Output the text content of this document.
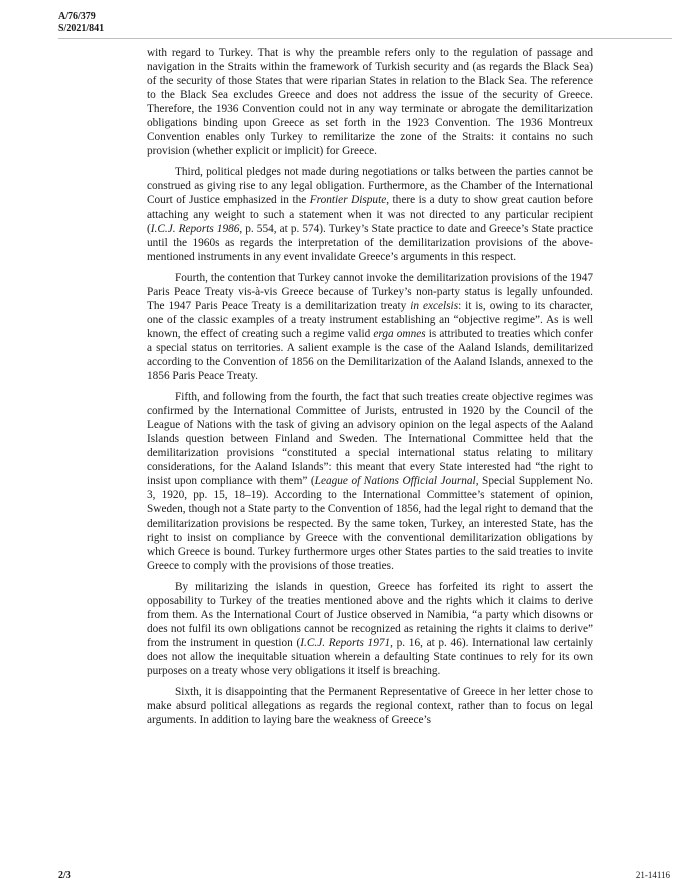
A/76/379
S/2021/841

with regard to Turkey. That is why the preamble refers only to the regulation of passage and navigation in the Straits within the framework of Turkish security and (as regards the Black Sea) of the security of those States that were riparian States in relation to the Black Sea. The reference to the Black Sea excludes Greece and does not address the issue of the security of Greece. Therefore, the 1936 Convention could not in any way terminate or abrogate the demilitarization obligations binding upon Greece as set forth in the 1923 Convention. The 1936 Montreux Convention enables only Turkey to remilitarize the zone of the Straits: it contains no such provision (whether explicit or implicit) for Greece.

Third, political pledges not made during negotiations or talks between the parties cannot be construed as giving rise to any legal obligation. Furthermore, as the Chamber of the International Court of Justice emphasized in the Frontier Dispute, there is a duty to show great caution before attaching any weight to such a statement when it was not directed to any particular recipient (I.C.J. Reports 1986, p. 554, at p. 574). Turkey’s State practice to date and Greece’s State practice until the 1960s as regards the interpretation of the demilitarization provisions of the above-mentioned instruments in any event invalidate Greece’s arguments in this respect.

Fourth, the contention that Turkey cannot invoke the demilitarization provisions of the 1947 Paris Peace Treaty vis-à-vis Greece because of Turkey’s non-party status is legally unfounded. The 1947 Paris Peace Treaty is a demilitarization treaty in excelsis: it is, owing to its character, one of the classic examples of a treaty instrument establishing an “objective regime”. As is well known, the effect of creating such a regime valid erga omnes is attributed to treaties which confer a special status on territories. A salient example is the case of the Aaland Islands, demilitarized according to the Convention of 1856 on the Demilitarization of the Aaland Islands, annexed to the 1856 Paris Peace Treaty.

Fifth, and following from the fourth, the fact that such treaties create objective regimes was confirmed by the International Committee of Jurists, entrusted in 1920 by the Council of the League of Nations with the task of giving an advisory opinion on the legal aspects of the Aaland Islands question between Finland and Sweden. The International Committee held that the demilitarization provisions “constituted a special international status relating to military considerations, for the Aaland Islands”: this meant that every State interested had “the right to insist upon compliance with them” (League of Nations Official Journal, Special Supplement No. 3, 1920, pp. 15, 18–19). According to the International Committee’s statement of opinion, Sweden, though not a State party to the Convention of 1856, had the legal right to demand that the demilitarization provisions be respected. By the same token, Turkey, an interested State, has the right to insist on compliance by Greece with the conventional demilitarization obligations by which Greece is bound. Turkey furthermore urges other States parties to the said treaties to invite Greece to comply with the provisions of those treaties.

By militarizing the islands in question, Greece has forfeited its right to assert the opposability to Turkey of the treaties mentioned above and the rights which it claims to derive from them. As the International Court of Justice observed in Namibia, “a party which disowns or does not fulfil its own obligations cannot be recognized as retaining the rights it claims to derive” from the instrument in question (I.C.J. Reports 1971, p. 16, at p. 46). International law certainly does not allow the inequitable situation wherein a defaulting State continues to rely for its own purposes on a treaty whose very obligations it itself is breaching.

Sixth, it is disappointing that the Permanent Representative of Greece in her letter chose to make absurd political allegations as regards the regional context, rather than to focus on legal arguments. In addition to laying bare the weakness of Greece’s

2/3	21-14116
